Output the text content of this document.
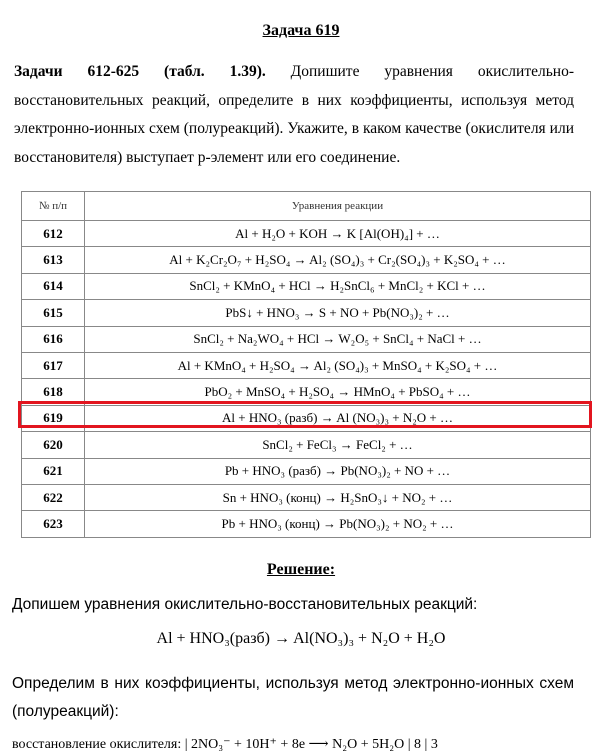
Задача 619
Задачи 612-625 (табл. 1.39). Допишите уравнения окислительно-восстановительных реакций, определите в них коэффициенты, используя метод электронно-ионных схем (полуреакций). Укажите, в каком качестве (окислителя или восстановителя) выступает р-элемент или его соединение.
№ п/п	Уравнения реакции
612	Al + H₂O + KOH → K [Al(OH)₄] + …
613	Al + K₂Cr₂O₇ + H₂SO₄ → Al₂ (SO₄)₃ + Cr₂(SO₄)₃ + K₂SO₄ + …
614	SnCl₂ + KMnO₄ + HCl → H₂SnCl₆ + MnCl₂ + KCl + …
615	PbS↓ + HNO₃ → S + NO + Pb(NO₃)₂ + …
616	SnCl₂ + Na₂WO₄ + HCl → W₂O₅ + SnCl₄ + NaCl + …
617	Al + KMnO₄ + H₂SO₄ → Al₂ (SO₄)₃ + MnSO₄ + K₂SO₄ + …
618	PbO₂ + MnSO₄ + H₂SO₄ → HMnO₄ + PbSO₄ + …
619	Al + HNO₃ (разб) → Al (NO₃)₃ + N₂O + …
620	SnCl₂ + FeCl₃ → FeCl₂ + …
621	Pb + HNO₃ (разб) → Pb(NO₃)₂ + NO + …
622	Sn + HNO₃ (конц) → H₂SnO₃↓ + NO₂ + …
623	Pb + HNO₃ (конц) → Pb(NO₃)₂ + NO₂ + …
Решение:
Допишем уравнения окислительно-восстановительных реакций:
Al + HNO₃(разб) → Al(NO₃)₃ + N₂O + H₂O
Определим в них коэффициенты, используя метод электронно-ионных схем (полуреакций):
восстановление окислителя: | 2NO₃⁻ + 10H⁺ + 8e ⟶ N₂O + 5H₂O | 8 | 3
